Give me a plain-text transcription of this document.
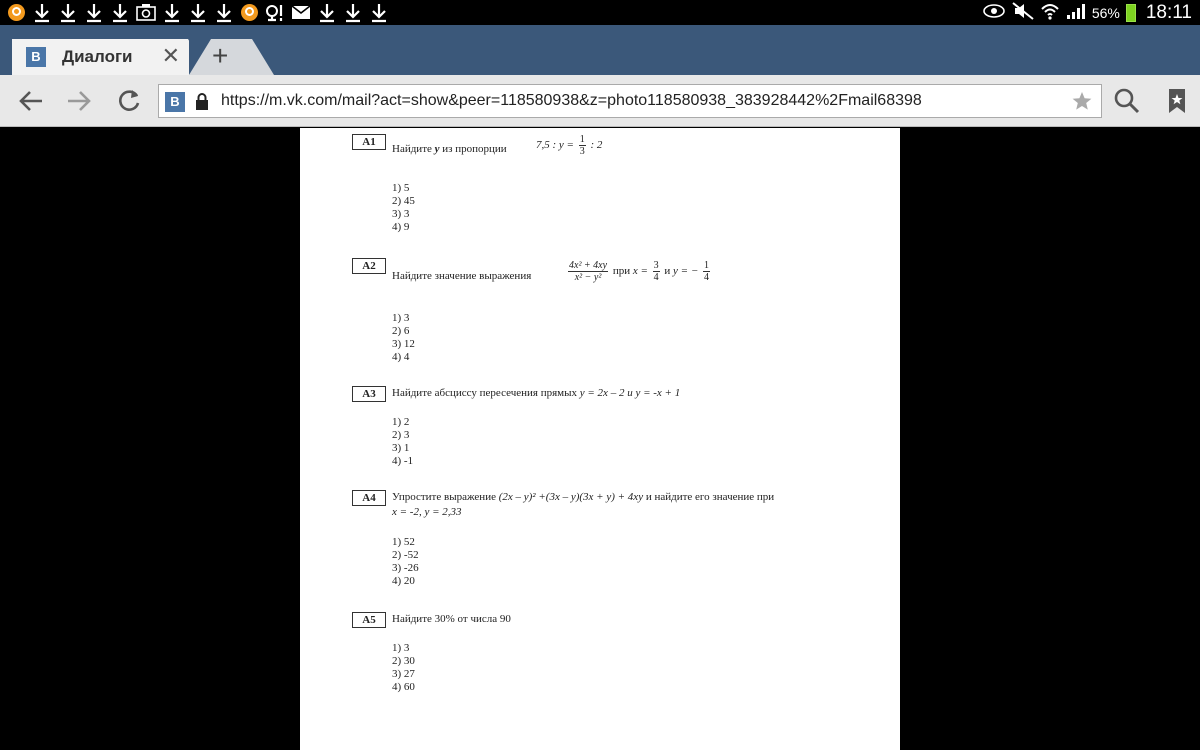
56% 18:11
В	Диалоги ✕ +
В	https://m.vk.com/mail?act=show&peer=118580938&z=photo118580938_383928442%2Fmail68398
А1
Найдите у из пропорции	7,5 : $у = \frac{1}{3}$ : 2
1) 5
2) 45
3) 3
4) 9
А2
Найдите значение выражения	$\frac{\text{4x² + 4xy}}{\text{x² − y²}}$ при $x = \frac{3}{4}$ и y = − $\frac{1}{4}$
1) 3
2) 6
3) 12
4) 4
А3	Найдите абсциссу пересечения прямых у = 2х – 2 и у = -х + 1
1) 2
2) 3
3) 1
4) -1
А4	Упростите выражение (2х – у)² +(3х – у)(3х + у) + 4ху и найдите его значение при
х = -2, у = 2,33
1) 52
2) -52
3) -26
4) 20
А5	Найдите 30% от числа 90
1) 3
2) 30
3) 27
4) 60
